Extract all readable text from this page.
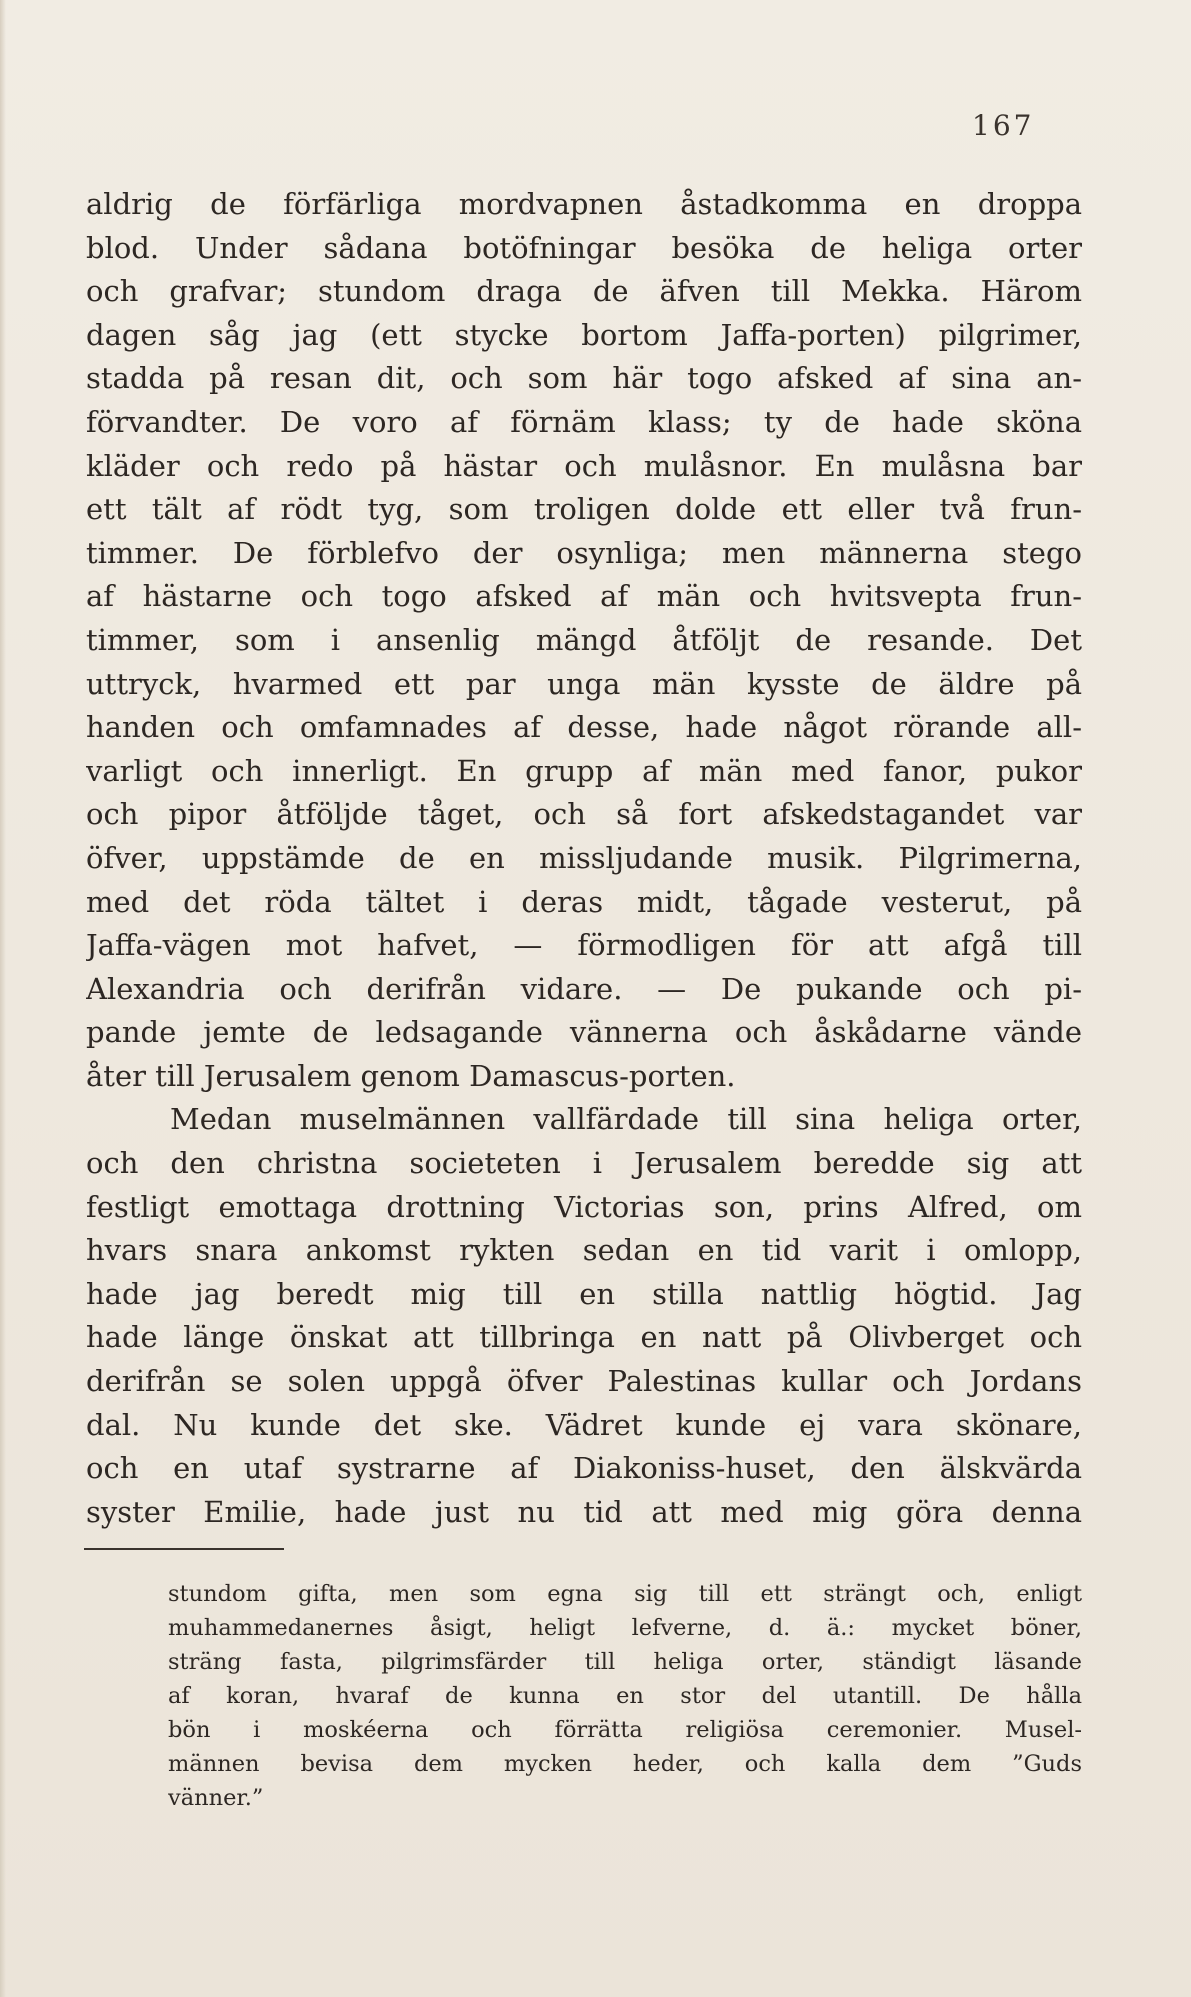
167
aldrig de förfärliga mordvapnen åstadkomma en droppa
blod. Under sådana botöfningar besöka de heliga orter
och grafvar; stundom draga de äfven till Mekka. Härom
dagen såg jag (ett stycke bortom Jaffa-porten) pilgrimer,
stadda på resan dit, och som här togo afsked af sina an-
förvandter. De voro af förnäm klass; ty de hade sköna
kläder och redo på hästar och mulåsnor. En mulåsna bar
ett tält af rödt tyg, som troligen dolde ett eller två frun-
timmer. De förblefvo der osynliga; men männerna stego
af hästarne och togo afsked af män och hvitsvepta frun-
timmer, som i ansenlig mängd åtföljt de resande. Det
uttryck, hvarmed ett par unga män kysste de äldre på
handen och omfamnades af desse, hade något rörande all-
varligt och innerligt. En grupp af män med fanor, pukor
och pipor åtföljde tåget, och så fort afskedstagandet var
öfver, uppstämde de en missljudande musik. Pilgrimerna,
med det röda tältet i deras midt, tågade vesterut, på
Jaffa-vägen mot hafvet, — förmodligen för att afgå till
Alexandria och derifrån vidare. — De pukande och pi-
pande jemte de ledsagande vännerna och åskådarne vände
åter till Jerusalem genom Damascus-porten.
Medan muselmännen vallfärdade till sina heliga orter,
och den christna societeten i Jerusalem beredde sig att
festligt emottaga drottning Victorias son, prins Alfred, om
hvars snara ankomst rykten sedan en tid varit i omlopp,
hade jag beredt mig till en stilla nattlig högtid. Jag
hade länge önskat att tillbringa en natt på Olivberget och
derifrån se solen uppgå öfver Palestinas kullar och Jordans
dal. Nu kunde det ske. Vädret kunde ej vara skönare,
och en utaf systrarne af Diakoniss-huset, den älskvärda
syster Emilie, hade just nu tid att med mig göra denna
stundom gifta, men som egna sig till ett strängt och, enligt
muhammedanernes åsigt, heligt lefverne, d. ä.: mycket böner,
sträng fasta, pilgrimsfärder till heliga orter, ständigt läsande
af koran, hvaraf de kunna en stor del utantill. De hålla
bön i moskéerna och förrätta religiösa ceremonier. Musel-
männen bevisa dem mycken heder, och kalla dem ”Guds
vänner.”
